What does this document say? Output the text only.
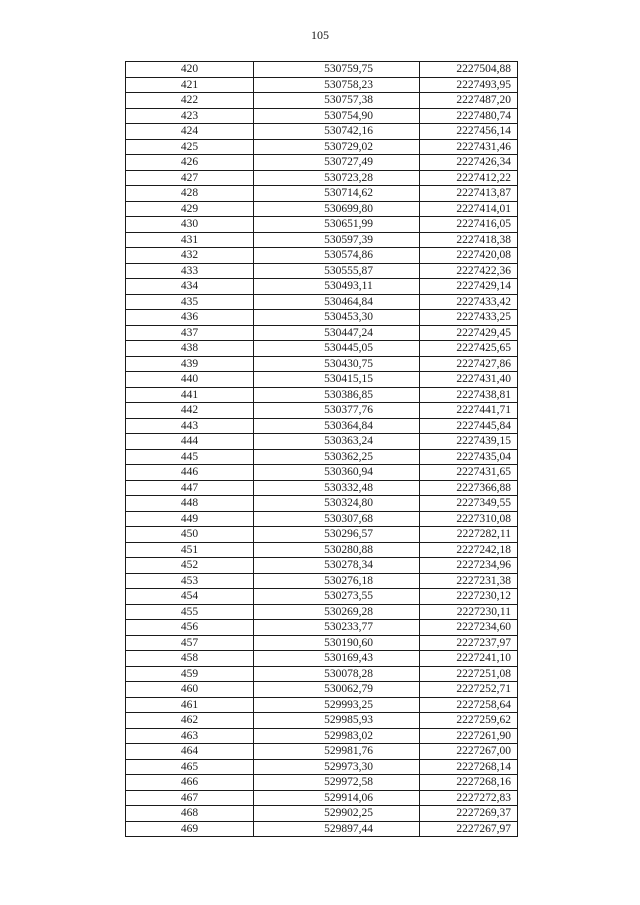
105
420	530759,75	2227504,88
421	530758,23	2227493,95
422	530757,38	2227487,20
423	530754,90	2227480,74
424	530742,16	2227456,14
425	530729,02	2227431,46
426	530727,49	2227426,34
427	530723,28	2227412,22
428	530714,62	2227413,87
429	530699,80	2227414,01
430	530651,99	2227416,05
431	530597,39	2227418,38
432	530574,86	2227420,08
433	530555,87	2227422,36
434	530493,11	2227429,14
435	530464,84	2227433,42
436	530453,30	2227433,25
437	530447,24	2227429,45
438	530445,05	2227425,65
439	530430,75	2227427,86
440	530415,15	2227431,40
441	530386,85	2227438,81
442	530377,76	2227441,71
443	530364,84	2227445,84
444	530363,24	2227439,15
445	530362,25	2227435,04
446	530360,94	2227431,65
447	530332,48	2227366,88
448	530324,80	2227349,55
449	530307,68	2227310,08
450	530296,57	2227282,11
451	530280,88	2227242,18
452	530278,34	2227234,96
453	530276,18	2227231,38
454	530273,55	2227230,12
455	530269,28	2227230,11
456	530233,77	2227234,60
457	530190,60	2227237,97
458	530169,43	2227241,10
459	530078,28	2227251,08
460	530062,79	2227252,71
461	529993,25	2227258,64
462	529985,93	2227259,62
463	529983,02	2227261,90
464	529981,76	2227267,00
465	529973,30	2227268,14
466	529972,58	2227268,16
467	529914,06	2227272,83
468	529902,25	2227269,37
469	529897,44	2227267,97
